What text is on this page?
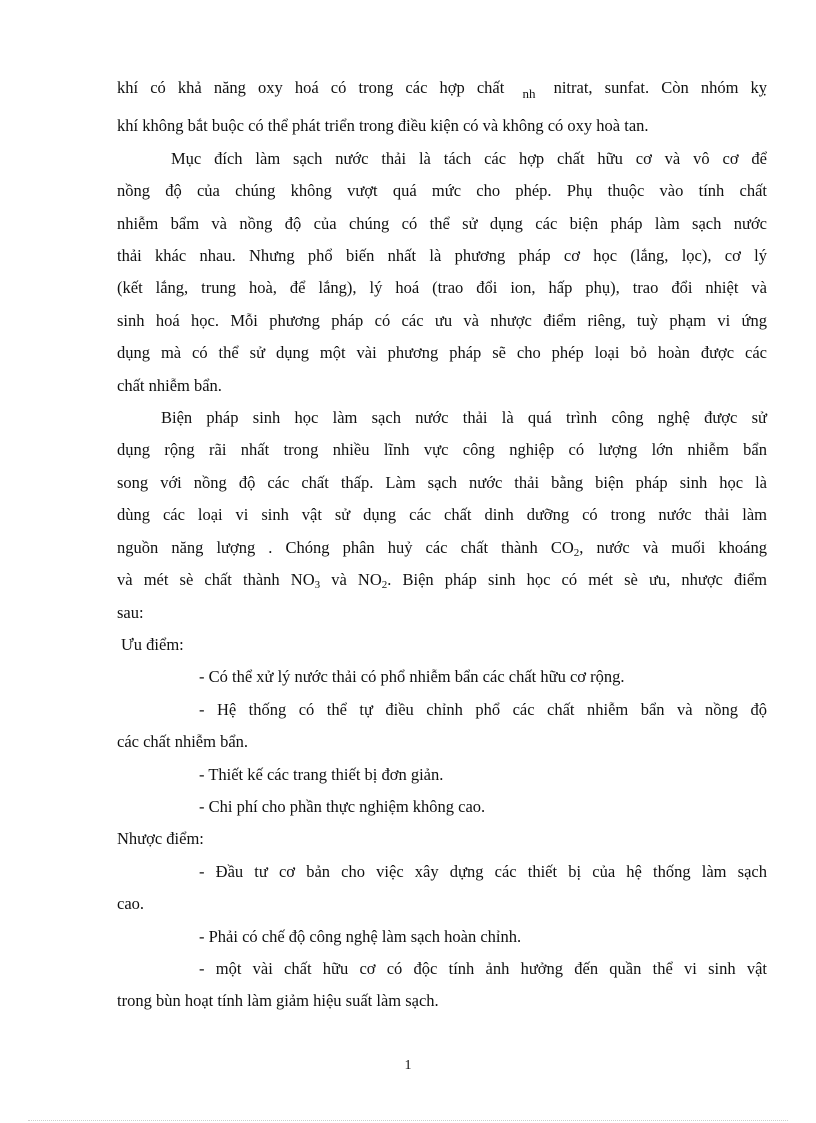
khí có khả năng oxy hoá có trong các hợp chất $_{nh}$ nitrat, sunfat. Còn nhóm kỵ
khí không bắt buộc có thể phát triển trong điều kiện có và không có oxy hoà tan.

Mục đích làm sạch nước thải là tách các hợp chất hữu cơ và vô cơ để
nồng độ của chúng không vượt quá mức cho phép. Phụ thuộc vào tính chất
nhiễm bẩm và nồng độ của chúng có thể sử dụng các biện pháp làm sạch nước
thải khác nhau. Nhưng phổ biến nhất là phương pháp cơ học (lắng, lọc), cơ lý
(kết lắng, trung hoà, để lắng), lý hoá (trao đổi ion, hấp phụ), trao đổi nhiệt và
sinh hoá học. Mỗi phương pháp có các ưu và nhược điểm riêng, tuỳ phạm vi ứng
dụng mà có thể sử dụng một vài phương pháp sẽ cho phép loại bỏ hoàn được các
chất nhiễm bẩn.

Biện pháp sinh học làm sạch nước thải là quá trình công nghệ được sử
dụng rộng rãi nhất trong nhiều lĩnh vực công nghiệp có lượng lớn nhiễm bẩn
song với nồng độ các chất thấp. Làm sạch nước thải bằng biện pháp sinh học là
dùng các loại vi sinh vật sử dụng các chất dinh dưỡng có trong nước thải làm
nguồn năng lượng . Chóng phân huỷ các chất thành $CO_2$, nước và muối khoáng
và mét sè chất thành $NO_3$ và $NO_2$. Biện pháp sinh học có mét sè ưu, nhược điểm
sau:

Ưu điểm:

- Có thể xử lý nước thải có phổ nhiễm bẩn các chất hữu cơ rộng.

- Hệ thống có thể tự điều chỉnh phổ các chất nhiễm bẩn và nồng độ
các chất nhiễm bẩn.

- Thiết kế các trang thiết bị đơn giản.

- Chi phí cho phần thực nghiệm không cao.

Nhược điểm:

- Đầu tư cơ bản cho việc xây dựng các thiết bị của hệ thống làm sạch
cao.

- Phải có chế độ công nghệ làm sạch hoàn chỉnh.

- một vài chất hữu cơ có độc tính ảnh hưởng đến quần thể vi sinh vật
trong bùn hoạt tính làm giảm hiệu suất làm sạch.

1
